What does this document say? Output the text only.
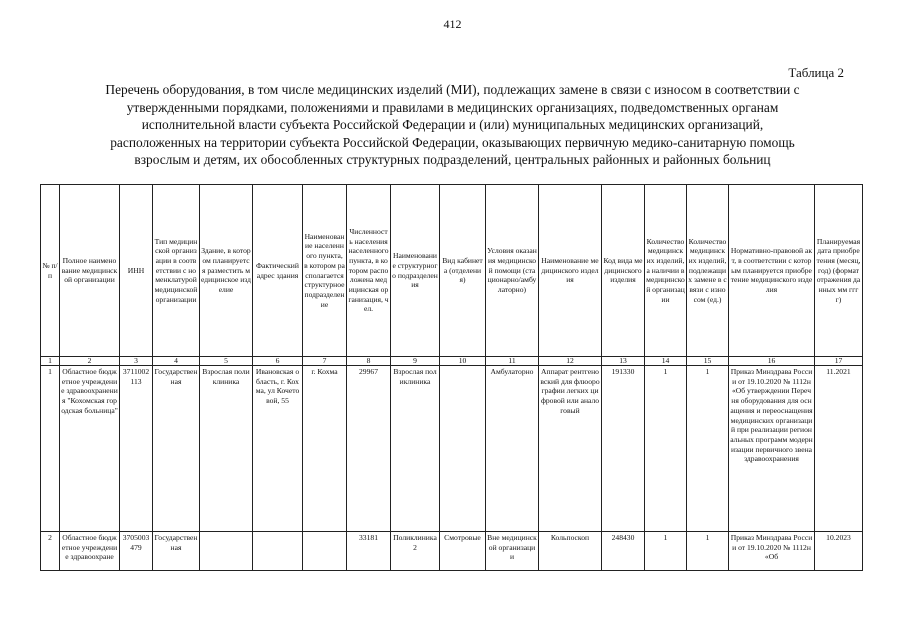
412
Таблица 2
Перечень оборудования, в том числе медицинских изделий (МИ), подлежащих замене в связи с износом в соответствии с
утвержденными порядками, положениями и правилами в медицинских организациях, подведомственных органам
исполнительной власти субъекта Российской Федерации и (или) муниципальных медицинских организаций,
расположенных на территории субъекта Российской Федерации, оказывающих первичную медико-санитарную помощь
взрослым и детям, их обособленных структурных подразделений, центральных районных и районных больниц
№ п/п	Полное наименование медицинской организации	ИНН	Тип медицинской организации в соответствии с номенклатурой медицинской организации	Здание, в котором планируется разместить медицинское изделие	Фактический адрес здания	Наименование населенного пункта, в котором располагается структурное подразделение	Численность населения населенного пункта, в котором расположена медицинская организация, чел.	Наименование структурного подразделения	Вид кабинета (отделения)	Условия оказания медицинской помощи (стационарно/амбулаторно)	Наименование медицинского изделия	Код вида медицинского изделия	Количество медицинских изделий, а наличии в медицинской организации	Количество медицинских изделий, подлежащих замене в связи с износом (ед.)	Нормативно-правовой акт, в соответствии с которым планируется приобретение медицинского изделия	Планируемая дата приобретения (месяц, год) (формат отражения данных мм гггг)
1	2	3	4	5	6	7	8	9	10	11	12	13	14	15	16	17
1	Областное бюджетное учреждение здравоохранения "Кохомская городская больница"	3711002113	Государственная	Взрослая поликлиника	Ивановская область, г. Кохма, ул Кочетовой, 55	г. Кохма	29967	Взрослая поликлиника		Амбулаторно	Аппарат рентгеновский для флюорографии легких цифровой или аналоговый	191330	1	1	Приказ Минздрава России от 19.10.2020 № 1112н «Об утверждении Перечня оборудования для оснащения и переоснащения медицинских организаций при реализации региональных программ модернизации первичного звена здравоохранения	11.2021
2	Областное бюджетное учреждение здравоохране	3705003479	Государственная				33181	Поликлиника 2	Смотровые	Вне медицинской организации	Кольпоскоп	248430	1	1	Приказ Минздрава России от 19.10.2020 № 1112н «Об	10.2023
